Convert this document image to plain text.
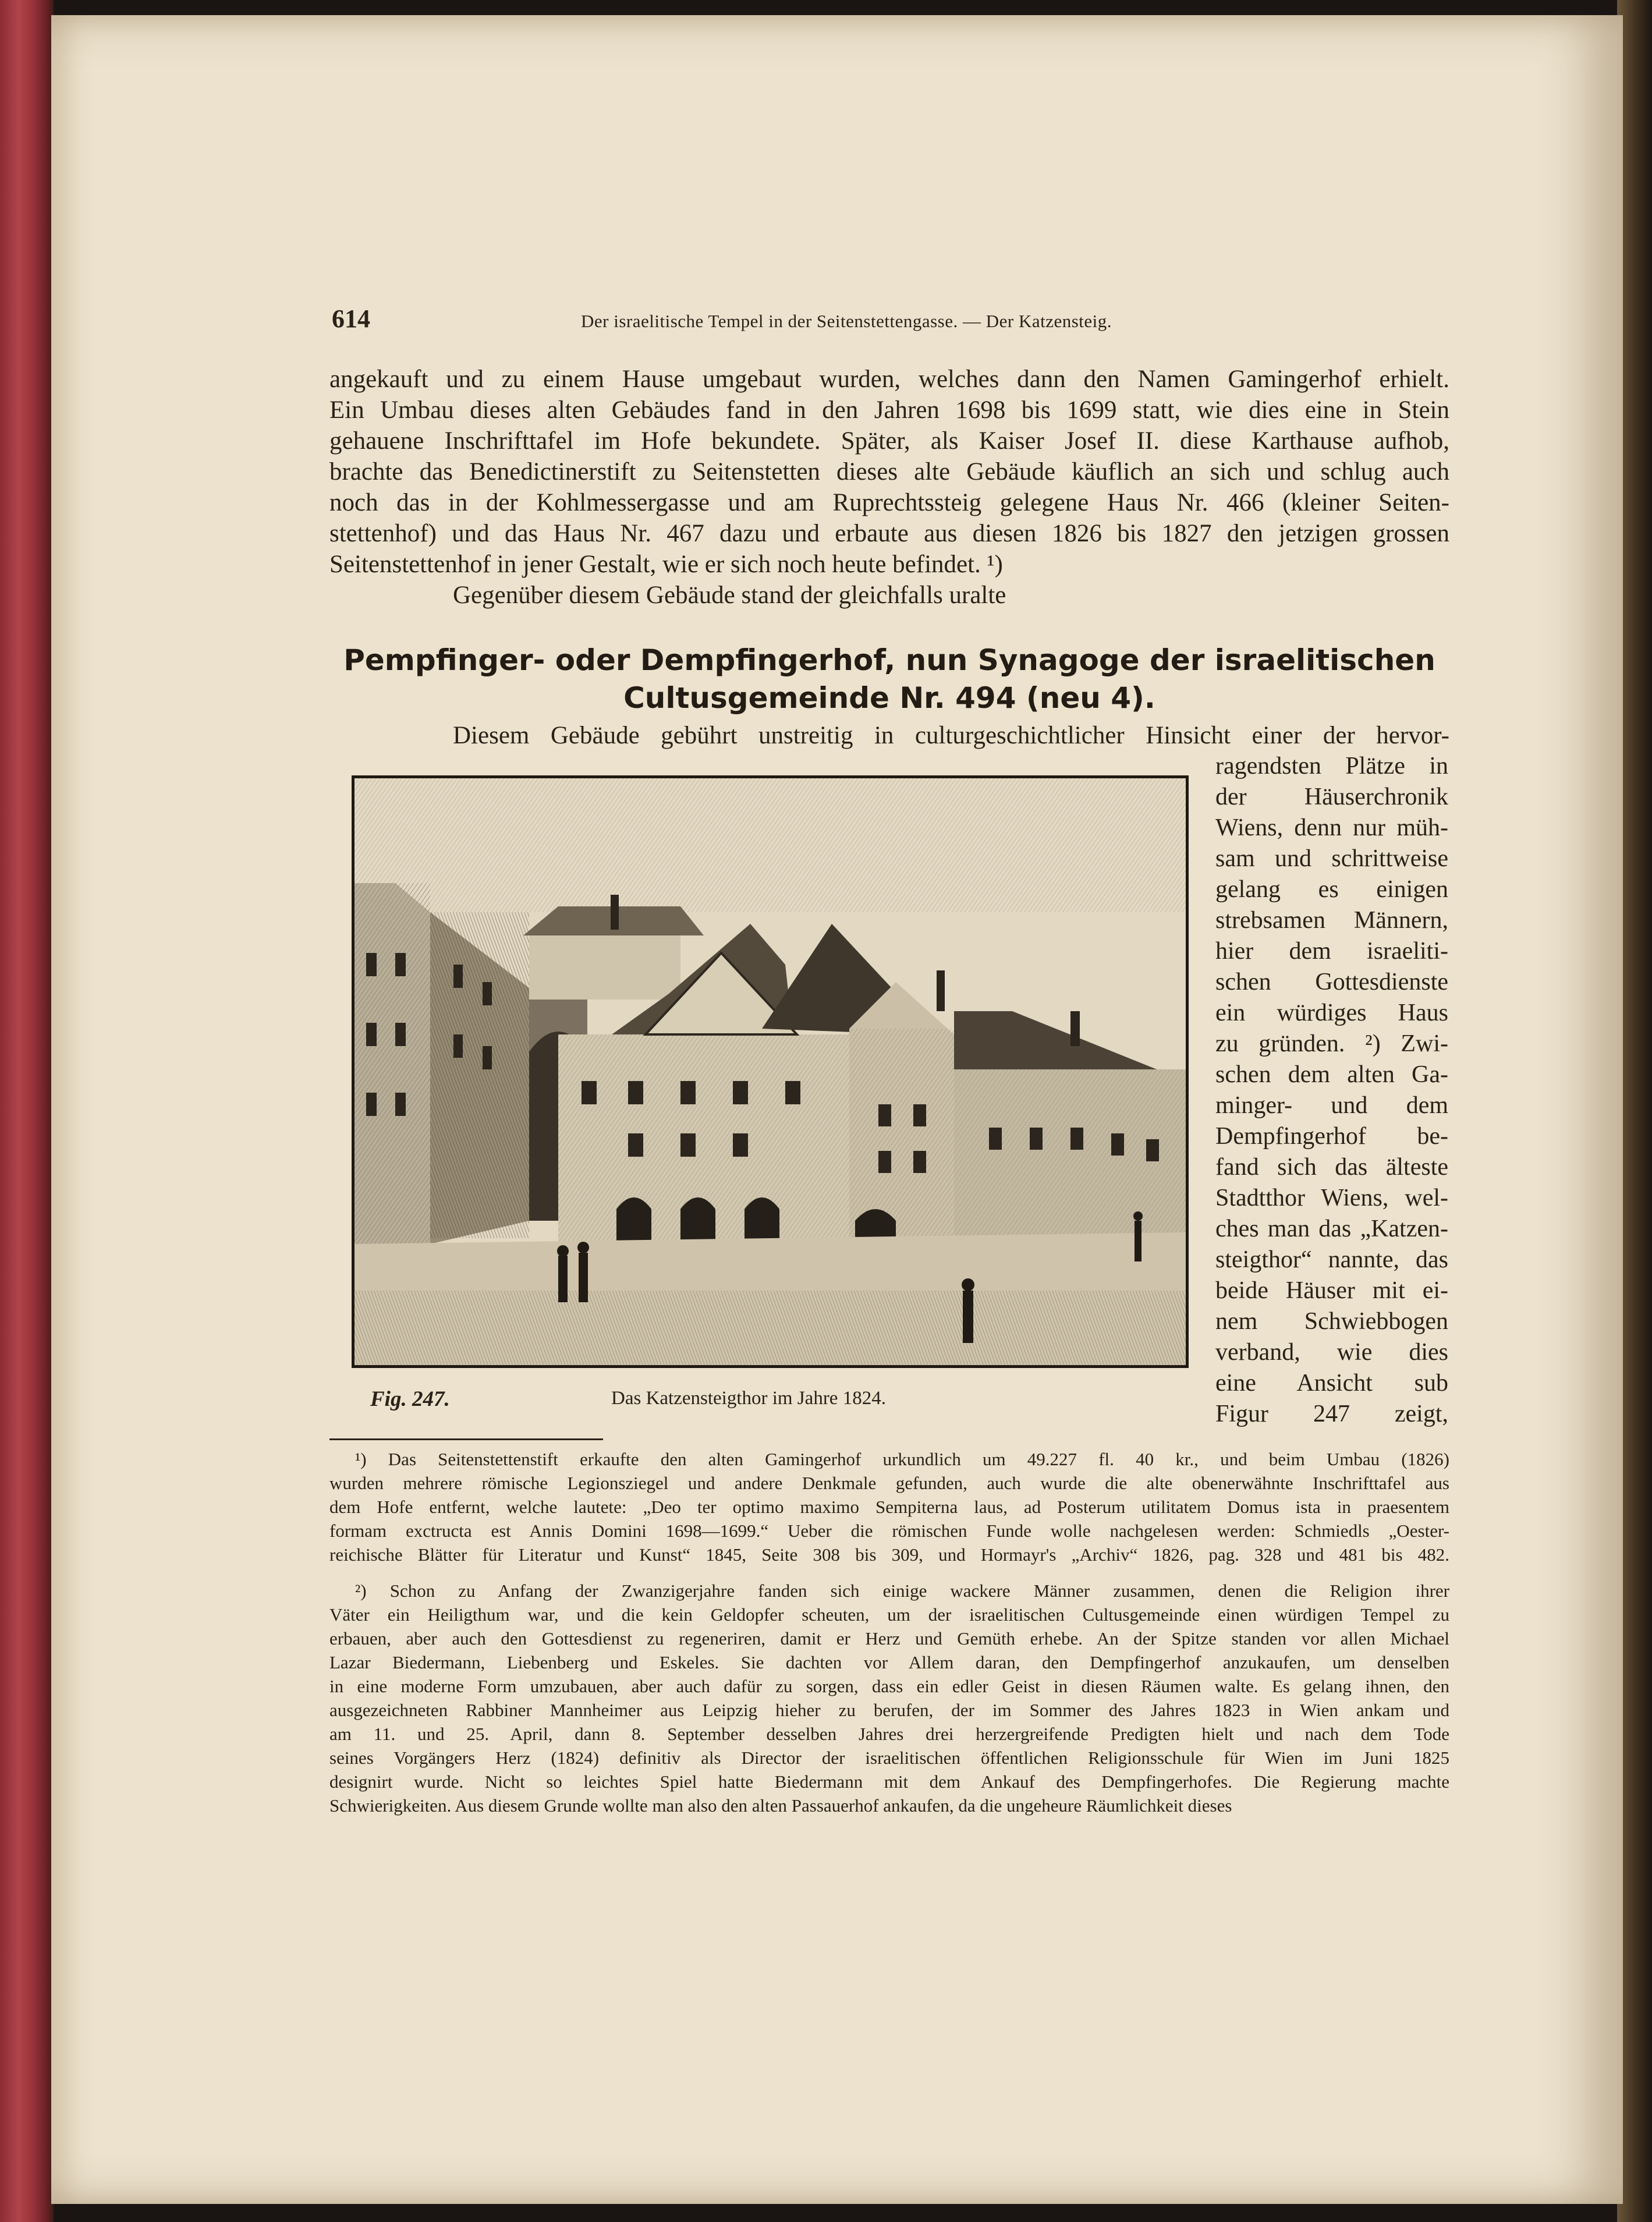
614	Der israelitische Tempel in der Seitenstettengasse. — Der Katzensteig.
angekauft und zu einem Hause umgebaut wurden, welches dann den Namen Gamingerhof erhielt.
Ein Umbau dieses alten Gebäudes fand in den Jahren 1698 bis 1699 statt, wie dies eine in Stein
gehauene Inschrifttafel im Hofe bekundete. Später, als Kaiser Josef II. diese Karthause aufhob,
brachte das Benedictinerstift zu Seitenstetten dieses alte Gebäude käuflich an sich und schlug auch
noch das in der Kohlmessergasse und am Ruprechtssteig gelegene Haus Nr. 466 (kleiner Seiten-
stettenhof) und das Haus Nr. 467 dazu und erbaute aus diesen 1826 bis 1827 den jetzigen grossen
Seitenstettenhof in jener Gestalt, wie er sich noch heute befindet. ¹)
Gegenüber diesem Gebäude stand der gleichfalls uralte
Pempfinger- oder Dempfingerhof, nun Synagoge der israelitischen
Cultusgemeinde Nr. 494 (neu 4).
Diesem Gebäude gebührt unstreitig in culturgeschichtlicher Hinsicht einer der hervor-
ragendsten Plätze in
der Häuserchronik
Wiens, denn nur müh-
sam und schrittweise
gelang es einigen
strebsamen Männern,
hier dem israeliti-
schen Gottesdienste
ein würdiges Haus
zu gründen. ²) Zwi-
schen dem alten Ga-
minger- und dem
Dempfingerhof be-
fand sich das älteste
Stadtthor Wiens, wel-
ches man das „Katzen-
steigthor“ nannte, das
beide Häuser mit ei-
nem Schwiebbogen
verband, wie dies
eine Ansicht sub
Figur 247 zeigt,
Fig. 247.	Das Katzensteigthor im Jahre 1824.
¹) Das Seitenstettenstift erkaufte den alten Gamingerhof urkundlich um 49.227 fl. 40 kr., und beim Umbau (1826)
wurden mehrere römische Legionsziegel und andere Denkmale gefunden, auch wurde die alte obenerwähnte Inschrifttafel aus
dem Hofe entfernt, welche lautete: „Deo ter optimo maximo Sempiterna laus, ad Posterum utilitatem Domus ista in praesentem
formam exctructa est Annis Domini 1698—1699.“ Ueber die römischen Funde wolle nachgelesen werden: Schmiedls „Oester-
reichische Blätter für Literatur und Kunst“ 1845, Seite 308 bis 309, und Hormayr's „Archiv“ 1826, pag. 328 und 481 bis 482.
²) Schon zu Anfang der Zwanzigerjahre fanden sich einige wackere Männer zusammen, denen die Religion ihrer
Väter ein Heiligthum war, und die kein Geldopfer scheuten, um der israelitischen Cultusgemeinde einen würdigen Tempel zu
erbauen, aber auch den Gottesdienst zu regeneriren, damit er Herz und Gemüth erhebe. An der Spitze standen vor allen Michael
Lazar Biedermann, Liebenberg und Eskeles. Sie dachten vor Allem daran, den Dempfingerhof anzukaufen, um denselben
in eine moderne Form umzubauen, aber auch dafür zu sorgen, dass ein edler Geist in diesen Räumen walte. Es gelang ihnen, den
ausgezeichneten Rabbiner Mannheimer aus Leipzig hieher zu berufen, der im Sommer des Jahres 1823 in Wien ankam und
am 11. und 25. April, dann 8. September desselben Jahres drei herzergreifende Predigten hielt und nach dem Tode
seines Vorgängers Herz (1824) definitiv als Director der israelitischen öffentlichen Religionsschule für Wien im Juni 1825
designirt wurde. Nicht so leichtes Spiel hatte Biedermann mit dem Ankauf des Dempfingerhofes. Die Regierung machte
Schwierigkeiten. Aus diesem Grunde wollte man also den alten Passauerhof ankaufen, da die ungeheure Räumlichkeit dieses
